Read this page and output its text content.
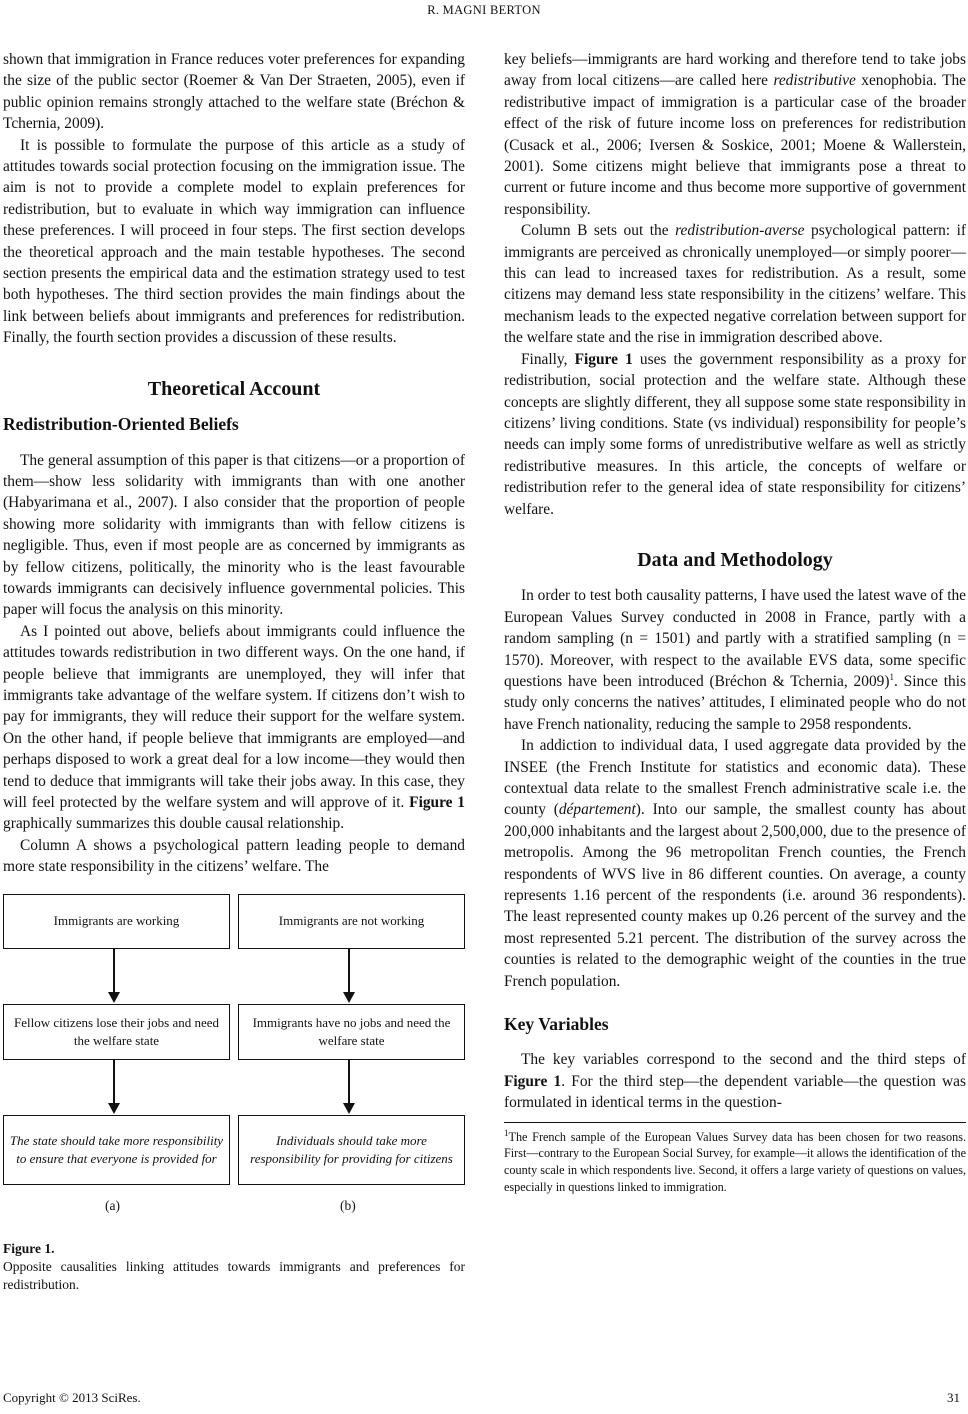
R. MAGNI BERTON

shown that immigration in France reduces voter preferences for expanding the size of the public sector (Roemer & Van Der Straeten, 2005), even if public opinion remains strongly attached to the welfare state (Bréchon & Tchernia, 2009).

It is possible to formulate the purpose of this article as a study of attitudes towards social protection focusing on the immigration issue. The aim is not to provide a complete model to explain preferences for redistribution, but to evaluate in which way immigration can influence these preferences. I will proceed in four steps. The first section develops the theoretical approach and the main testable hypotheses. The second section presents the empirical data and the estimation strategy used to test both hypotheses. The third section provides the main findings about the link between beliefs about immigrants and preferences for redistribution. Finally, the fourth section provides a discussion of these results.

Theoretical Account
Redistribution-Oriented Beliefs

The general assumption of this paper is that citizens—or a proportion of them—show less solidarity with immigrants than with one another (Habyarimana et al., 2007). I also consider that the proportion of people showing more solidarity with immigrants than with fellow citizens is negligible. Thus, even if most people are as concerned by immigrants as by fellow citizens, politically, the minority who is the least favourable towards immigrants can decisively influence governmental policies. This paper will focus the analysis on this minority.

As I pointed out above, beliefs about immigrants could influence the attitudes towards redistribution in two different ways. On the one hand, if people believe that immigrants are unemployed, they will infer that immigrants take advantage of the welfare system. If citizens don’t wish to pay for immigrants, they will reduce their support for the welfare system. On the other hand, if people believe that immigrants are employed—and perhaps disposed to work a great deal for a low income—they would then tend to deduce that immigrants will take their jobs away. In this case, they will feel protected by the welfare system and will approve of it. Figure 1 graphically summarizes this double causal relationship.

Column A shows a psychological pattern leading people to demand more state responsibility in the citizens’ welfare. The

Immigrants are working	Immigrants are not working
Fellow citizens lose their jobs and need the welfare state
Immigrants have no jobs and need the welfare state
The state should take more responsibility to ensure that everyone is provided for
Individuals should take more responsibility for providing for citizens
(a)	(b)
Figure 1.
Opposite causalities linking attitudes towards immigrants and preferences for redistribution.

key beliefs—immigrants are hard working and therefore tend to take jobs away from local citizens—are called here redistributive xenophobia. The redistributive impact of immigration is a particular case of the broader effect of the risk of future income loss on preferences for redistribution (Cusack et al., 2006; Iversen & Soskice, 2001; Moene & Wallerstein, 2001). Some citizens might believe that immigrants pose a threat to current or future income and thus become more supportive of government responsibility.

Column B sets out the redistribution-averse psychological pattern: if immigrants are perceived as chronically unemployed—or simply poorer—this can lead to increased taxes for redistribution. As a result, some citizens may demand less state responsibility in the citizens’ welfare. This mechanism leads to the expected negative correlation between support for the welfare state and the rise in immigration described above.

Finally, Figure 1 uses the government responsibility as a proxy for redistribution, social protection and the welfare state. Although these concepts are slightly different, they all suppose some state responsibility in citizens’ living conditions. State (vs individual) responsibility for people’s needs can imply some forms of unredistributive welfare as well as strictly redistributive measures. In this article, the concepts of welfare or redistribution refer to the general idea of state responsibility for citizens’ welfare.

Data and Methodology

In order to test both causality patterns, I have used the latest wave of the European Values Survey conducted in 2008 in France, partly with a random sampling (n = 1501) and partly with a stratified sampling (n = 1570). Moreover, with respect to the available EVS data, some specific questions have been introduced (Bréchon & Tchernia, 2009)$^1$. Since this study only concerns the natives’ attitudes, I eliminated people who do not have French nationality, reducing the sample to 2958 respondents.

In addiction to individual data, I used aggregate data provided by the INSEE (the French Institute for statistics and economic data). These contextual data relate to the smallest French administrative scale i.e. the county (département). Into our sample, the smallest county has about 200,000 inhabitants and the largest about 2,500,000, due to the presence of metropolis. Among the 96 metropolitan French counties, the French respondents of WVS live in 86 different counties. On average, a county represents 1.16 percent of the respondents (i.e. around 36 respondents). The least represented county makes up 0.26 percent of the survey and the most represented 5.21 percent. The distribution of the survey across the counties is related to the demographic weight of the counties in the true French population.

Key Variables

The key variables correspond to the second and the third steps of Figure 1. For the third step—the dependent variable—the question was formulated in identical terms in the question-

$^1$The French sample of the European Values Survey data has been chosen for two reasons. First—contrary to the European Social Survey, for example—it allows the identification of the county scale in which respondents live. Second, it offers a large variety of questions on values, especially in questions linked to immigration.
Copyright © 2013 SciRes.	31
